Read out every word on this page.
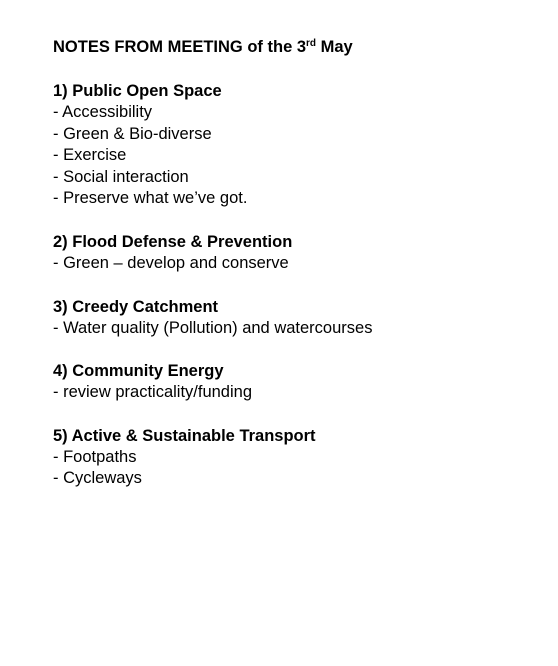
NOTES FROM MEETING of the 3rd May
1) Public Open Space
- Accessibility
- Green & Bio-diverse
- Exercise
- Social interaction
- Preserve what we’ve got.
2) Flood Defense & Prevention
- Green – develop and conserve
3) Creedy Catchment
- Water quality (Pollution) and watercourses
4) Community Energy
- review practicality/funding
5) Active & Sustainable Transport
- Footpaths
- Cycleways
